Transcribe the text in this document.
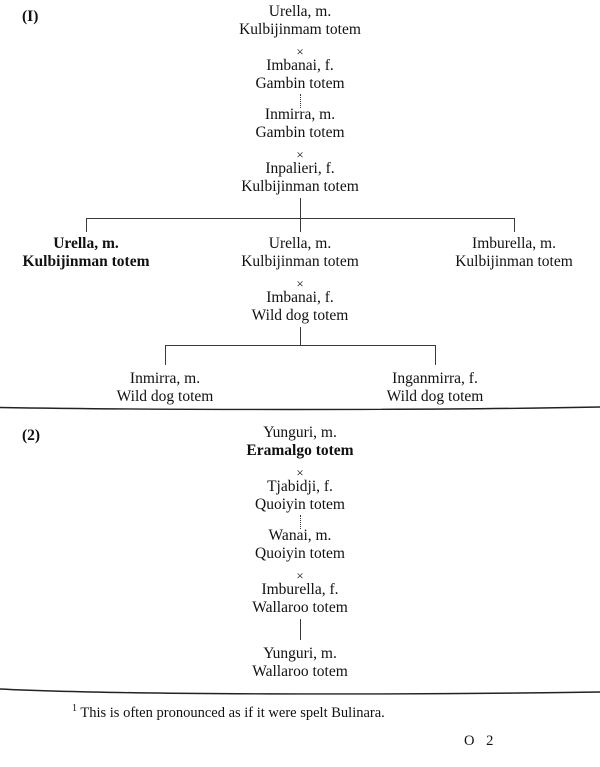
(I)	Urella, m.
Kulbijinmam totem
×
Imbanai, f.
Gambin totem
Inmirra, m.
Gambin totem
×
Inpalieri, f.
Kulbijinman totem
Urella, m.
Kulbijinman totem
Urella, m.
Kulbijinman totem
Imburella, m.
Kulbijinman totem
×
Imbanai, f.
Wild dog totem
Inmirra, m.
Wild dog totem
Inganmirra, f.
Wild dog totem
(2)	Yunguri, m.
Eramalgo totem
×
Tjabidji, f.
Quoiyin totem
Wanai, m.
Quoiyin totem
×
Imburella, f.
Wallaroo totem
Yunguri, m.
Wallaroo totem
$^1$ This is often pronounced as if it were spelt Bulinara.
O 2
